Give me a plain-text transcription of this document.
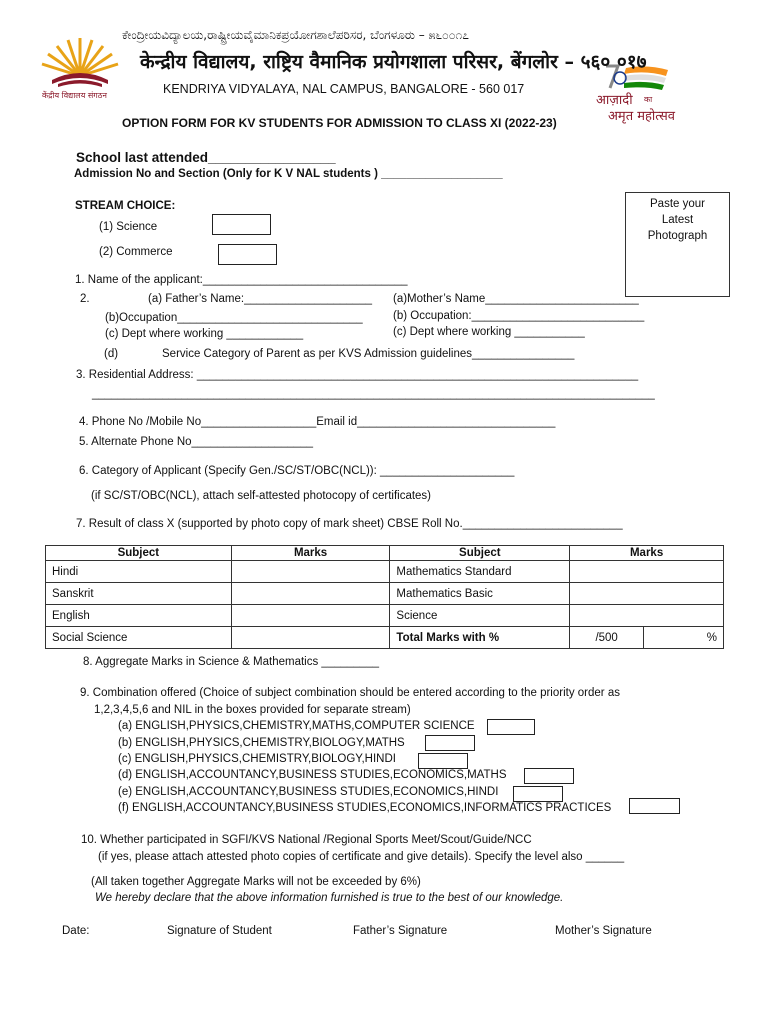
केंद्रीय विद्यालय संगठन	आज़ादी का
अमृत महोत्सव
ಕೇಂದ್ರೀಯವಿದ್ಯಾಲಯ,ರಾಷ್ಟ್ರೀಯವೈಮಾನಿಕಪ್ರಯೋಗಶಾಲೆಪರಿಸರ, ಬೆಂಗಳೂರು – ೫೬೦೦೧೭
केन्द्रीय विद्यालय, राष्ट्रिय वैमानिक प्रयोगशाला परिसर, बेंगलोर – ५६० ०१७
KENDRIYA VIDYALAYA, NAL CAMPUS, BANGALORE - 560 017
OPTION FORM FOR KV STUDENTS FOR ADMISSION TO CLASS XI (2022-23)
School last attended_________________
Admission No and Section (Only for K V NAL students ) ___________________
Paste your
Latest
Photograph
STREAM CHOICE:
(1) Science
(2) Commerce
1. Name of the applicant:________________________________
2.	(a) Father’s Name:____________________ (a)Mother’s Name________________________
(b)Occupation_____________________________	(b) Occupation:___________________________
(c) Dept where working ____________	(c) Dept where working ___________
(d)	Service Category of Parent as per KVS Admission guidelines________________
3. Residential Address: _____________________________________________________________________
________________________________________________________________________________________
4. Phone No /Mobile No__________________Email id_______________________________
5. Alternate Phone No___________________
6. Category of Applicant (Specify Gen./SC/ST/OBC(NCL)): _____________________
(if SC/ST/OBC(NCL), attach self-attested photocopy of certificates)
7. Result of class X (supported by photo copy of mark sheet) CBSE Roll No._________________________
Subject	Marks	Subject	Marks	
Hindi		Mathematics Standard		
Sanskrit		Mathematics Basic		
English		Science		
Social Science		Total Marks with %	/500	%
8. Aggregate Marks in Science & Mathematics _________
9. Combination offered (Choice of subject combination should be entered according to the priority order as
1,2,3,4,5,6 and NIL in the boxes provided for separate stream)
(a) ENGLISH,PHYSICS,CHEMISTRY,MATHS,COMPUTER SCIENCE
(b) ENGLISH,PHYSICS,CHEMISTRY,BIOLOGY,MATHS
(c) ENGLISH,PHYSICS,CHEMISTRY,BIOLOGY,HINDI
(d) ENGLISH,ACCOUNTANCY,BUSINESS STUDIES,ECONOMICS,MATHS
(e) ENGLISH,ACCOUNTANCY,BUSINESS STUDIES,ECONOMICS,HINDI
(f) ENGLISH,ACCOUNTANCY,BUSINESS STUDIES,ECONOMICS,INFORMATICS PRACTICES
10. Whether participated in SGFI/KVS National /Regional Sports Meet/Scout/Guide/NCC
(if yes, please attach attested photo copies of certificate and give details). Specify the level also ______
(All taken together Aggregate Marks will not be exceeded by 6%)
We hereby declare that the above information furnished is true to the best of our knowledge.
Date:	Signature of Student	Father’s Signature	Mother’s Signature
